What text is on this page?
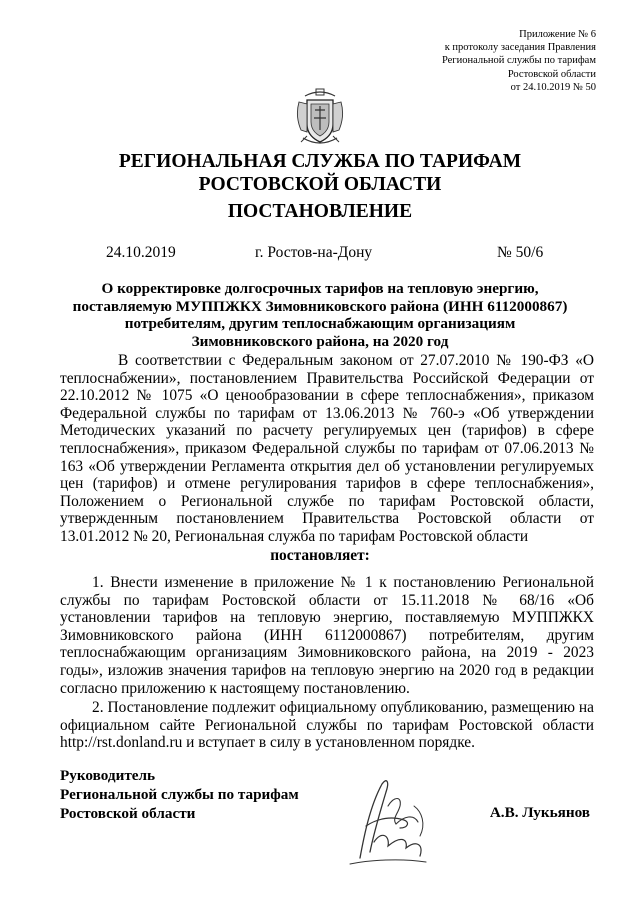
Приложение № 6
к протоколу заседания Правления
Региональной службы по тарифам
Ростовской области
от 24.10.2019 № 50
РЕГИОНАЛЬНАЯ СЛУЖБА ПО ТАРИФАМ
РОСТОВСКОЙ ОБЛАСТИ
ПОСТАНОВЛЕНИЕ
24.10.2019	г. Ростов-на-Дону	№ 50/6
О корректировке долгосрочных тарифов на тепловую энергию,
поставляемую МУППЖКХ Зимовниковского района (ИНН 6112000867)
потребителям, другим теплоснабжающим организациям
Зимовниковского района, на 2020 год

В соответствии с Федеральным законом от 27.07.2010 № 190-ФЗ «О теплоснабжении», постановлением Правительства Российской Федерации от 22.10.2012 № 1075 «О ценообразовании в сфере теплоснабжения», приказом Федеральной службы по тарифам от 13.06.2013 № 760-э «Об утверждении Методических указаний по расчету регулируемых цен (тарифов) в сфере теплоснабжения», приказом Федеральной службы по тарифам от 07.06.2013 № 163 «Об утверждении Регламента открытия дел об установлении регулируемых цен (тарифов) и отмене регулирования тарифов в сфере теплоснабжения», Положением о Региональной службе по тарифам Ростовской области, утвержденным постановлением Правительства Ростовской области от 13.01.2012 № 20, Региональная служба по тарифам Ростовской области

постановляет:

1. Внести изменение в приложение № 1 к постановлению Региональной службы по тарифам Ростовской области от 15.11.2018 № 68/16 «Об установлении тарифов на тепловую энергию, поставляемую МУППЖКХ Зимовниковского района (ИНН 6112000867) потребителям, другим теплоснабжающим организациям Зимовниковского района, на 2019 - 2023 годы», изложив значения тарифов на тепловую энергию на 2020 год в редакции согласно приложению к настоящему постановлению.

2. Постановление подлежит официальному опубликованию, размещению на официальном сайте Региональной службы по тарифам Ростовской области http://rst.donland.ru и вступает в силу в установленном порядке.

Руководитель
Региональной службы по тарифам
Ростовской области	А.В. Лукьянов
